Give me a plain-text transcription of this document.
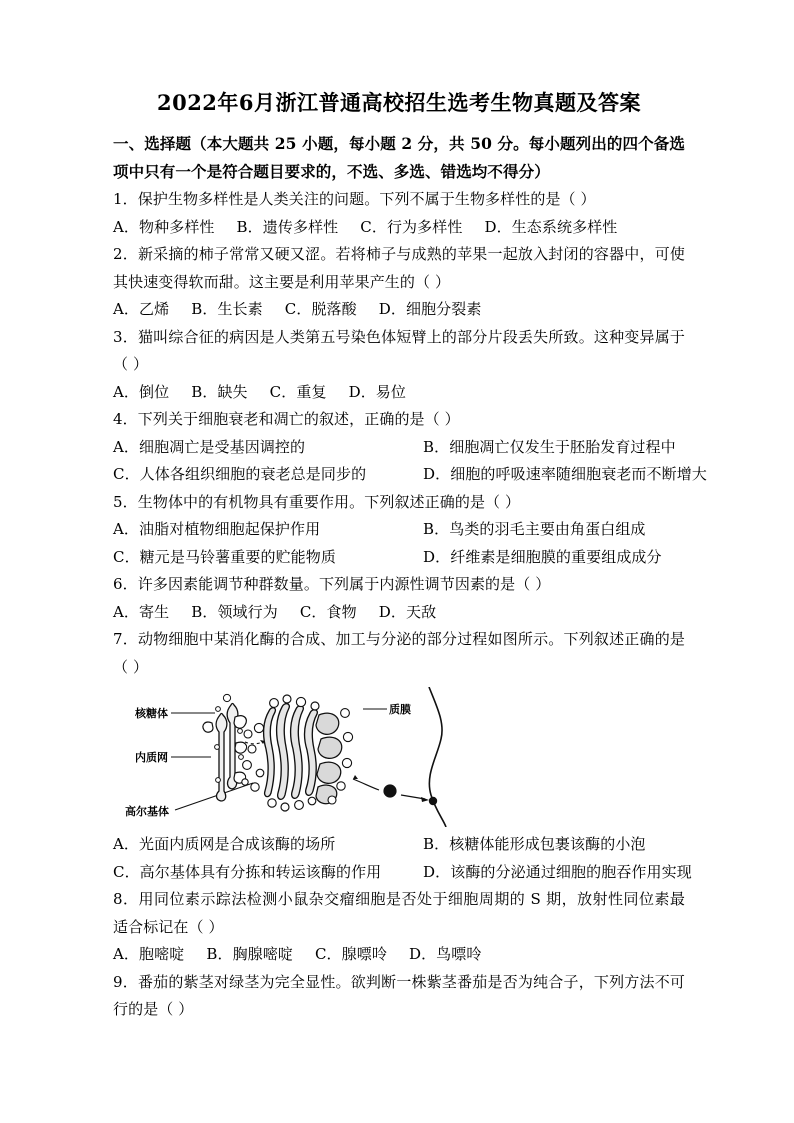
2022年6月浙江普通高校招生选考生物真题及答案

一、选择题（本大题共 25 小题，每小题 2 分，共 50 分。每小题列出的四个备选项中只有一个是符合题目要求的，不选、多选、错选均不得分）

1．保护生物多样性是人类关注的问题。下列不属于生物多样性的是（ ）

A．物种多样性 B．遗传多样性 C．行为多样性 D．生态系统多样性

2．新采摘的柿子常常又硬又涩。若将柿子与成熟的苹果一起放入封闭的容器中，可使其快速变得软而甜。这主要是利用苹果产生的（ ）

A．乙烯 B．生长素 C．脱落酸 D．细胞分裂素

3．猫叫综合征的病因是人类第五号染色体短臂上的部分片段丢失所致。这种变异属于（ ）

A．倒位 B．缺失 C．重复 D．易位

4．下列关于细胞衰老和凋亡的叙述，正确的是（ ）

A．细胞凋亡是受基因调控的	B．细胞凋亡仅发生于胚胎发育过程中
C．人体各组织细胞的衰老总是同步的	D．细胞的呼吸速率随细胞衰老而不断增大

5．生物体中的有机物具有重要作用。下列叙述正确的是（ ）

A．油脂对植物细胞起保护作用	B．鸟类的羽毛主要由角蛋白组成
C．糖元是马铃薯重要的贮能物质	D．纤维素是细胞膜的重要组成成分

6．许多因素能调节种群数量。下列属于内源性调节因素的是（ ）

A．寄生 B．领域行为 C．食物 D．天敌

7．动物细胞中某消化酶的合成、加工与分泌的部分过程如图所示。下列叙述正确的是（ ）

核糖体
内质网
高尔基体
质膜
A．光面内质网是合成该酶的场所	B．核糖体能形成包裹该酶的小泡
C．高尔基体具有分拣和转运该酶的作用	D．该酶的分泌通过细胞的胞吞作用实现

8．用同位素示踪法检测小鼠杂交瘤细胞是否处于细胞周期的 S 期，放射性同位素最适合标记在（ ）

A．胞嘧啶 B．胸腺嘧啶 C．腺嘌呤 D．鸟嘌呤

9．番茄的紫茎对绿茎为完全显性。欲判断一株紫茎番茄是否为纯合子，下列方法不可行的是（ ）
